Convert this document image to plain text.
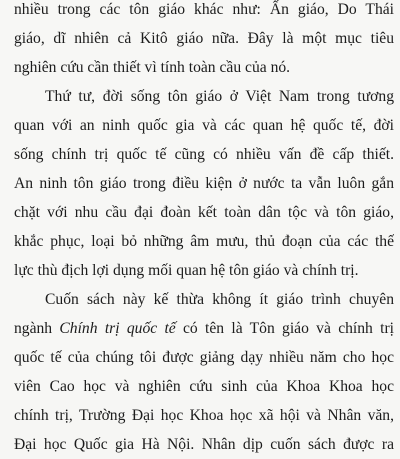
nhiều trong các tôn giáo khác như: Ấn giáo, Do Thái
giáo, dĩ nhiên cả Kitô giáo nữa. Đây là một mục tiêu
nghiên cứu cần thiết vì tính toàn cầu của nó.
Thứ tư, đời sống tôn giáo ở Việt Nam trong tương
quan với an ninh quốc gia và các quan hệ quốc tế, đời
sống chính trị quốc tế cũng có nhiều vấn đề cấp thiết.
An ninh tôn giáo trong điều kiện ở nước ta vẫn luôn gắn
chặt với nhu cầu đại đoàn kết toàn dân tộc và tôn giáo,
khắc phục, loại bỏ những âm mưu, thủ đoạn của các thế
lực thù địch lợi dụng mối quan hệ tôn giáo và chính trị.
Cuốn sách này kế thừa không ít giáo trình chuyên
ngành Chính trị quốc tế có tên là Tôn giáo và chính trị
quốc tế của chúng tôi được giảng dạy nhiều năm cho học
viên Cao học và nghiên cứu sinh của Khoa Khoa học
chính trị, Trường Đại học Khoa học xã hội và Nhân văn,
Đại học Quốc gia Hà Nội. Nhân dịp cuốn sách được ra
